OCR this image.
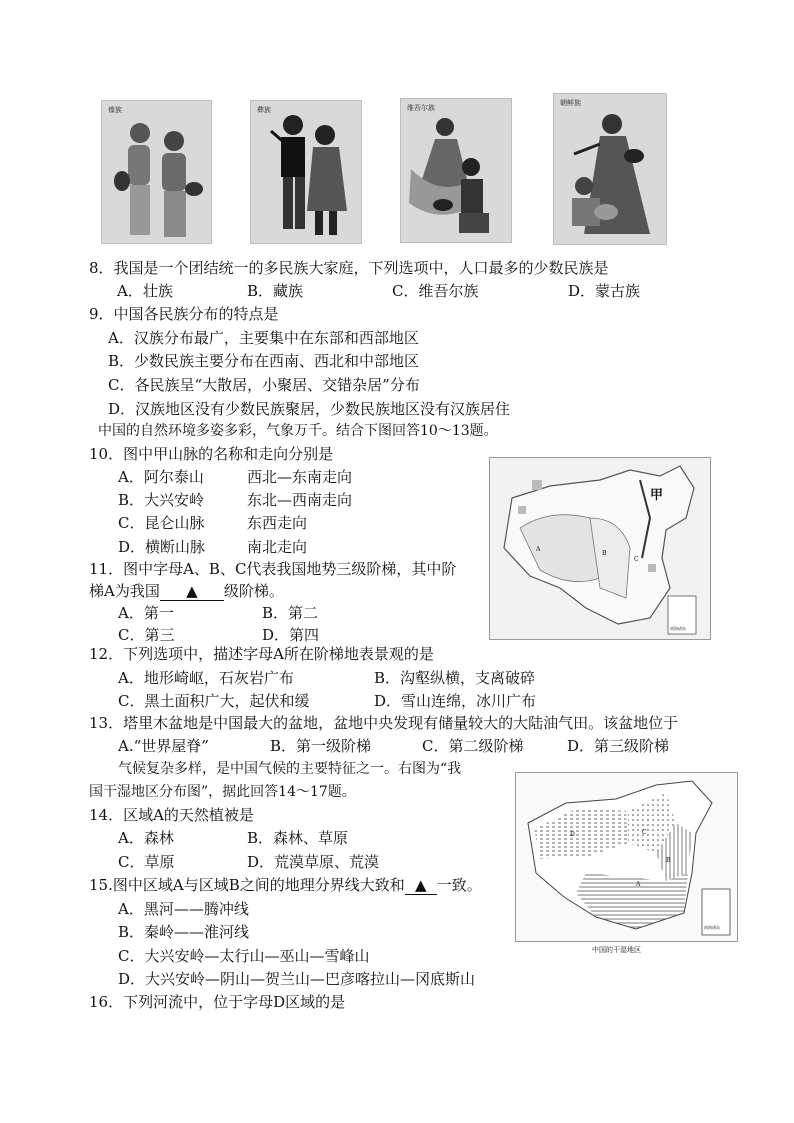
傣族	彝族	维吾尔族
朝鲜族
8．我国是一个团结统一的多民族大家庭，下列选项中，人口最多的少数民族是
A．壮族	B．藏族	C．维吾尔族	D．蒙古族
9．中国各民族分布的特点是
A．汉族分布最广，主要集中在东部和西部地区
B．少数民族主要分布在西南、西北和中部地区
C．各民族呈“大散居，小聚居、交错杂居”分布
D．汉族地区没有少数民族聚居，少数民族地区没有汉族居住
中国的自然环境多姿多彩，气象万千。结合下图回答10～13题。
10．图中甲山脉的名称和走向分别是
A．阿尔泰山	西北—东南走向
B．大兴安岭	东北—西南走向
C．昆仑山脉	东西走向
D．横断山脉	南北走向
11．图中字母A、B、C代表我国地势三级阶梯，其中阶
梯A为我国 ▲ 级阶梯。
A．第一	B．第二
C．第三	D．第四
甲
A
B
C
南海诸岛
12．下列选项中，描述字母A所在阶梯地表景观的是
A．地形崎岖，石灰岩广布	B．沟壑纵横，支离破碎
C．黑土面积广大，起伏和缓	D．雪山连绵，冰川广布
13．塔里木盆地是中国最大的盆地，盆地中央发现有储量较大的大陆油气田。该盆地位于
A.“世界屋脊”	B．第一级阶梯	C．第二级阶梯	D．第三级阶梯
气候复杂多样，是中国气候的主要特征之一。右图为“我
国干湿地区分布图”，据此回答14～17题。
A
B
C
D
南海诸岛
中国的干湿地区
14．区域A的天然植被是
A．森林	B．森林、草原
C．草原	D．荒漠草原、荒漠
15.图中区域A与区域B之间的地理分界线大致和 ▲ 一致。
A．黑河——腾冲线
B．秦岭——淮河线
C．大兴安岭—太行山—巫山—雪峰山
D．大兴安岭—阴山—贺兰山—巴彦喀拉山—冈底斯山
16．下列河流中，位于字母D区域的是
